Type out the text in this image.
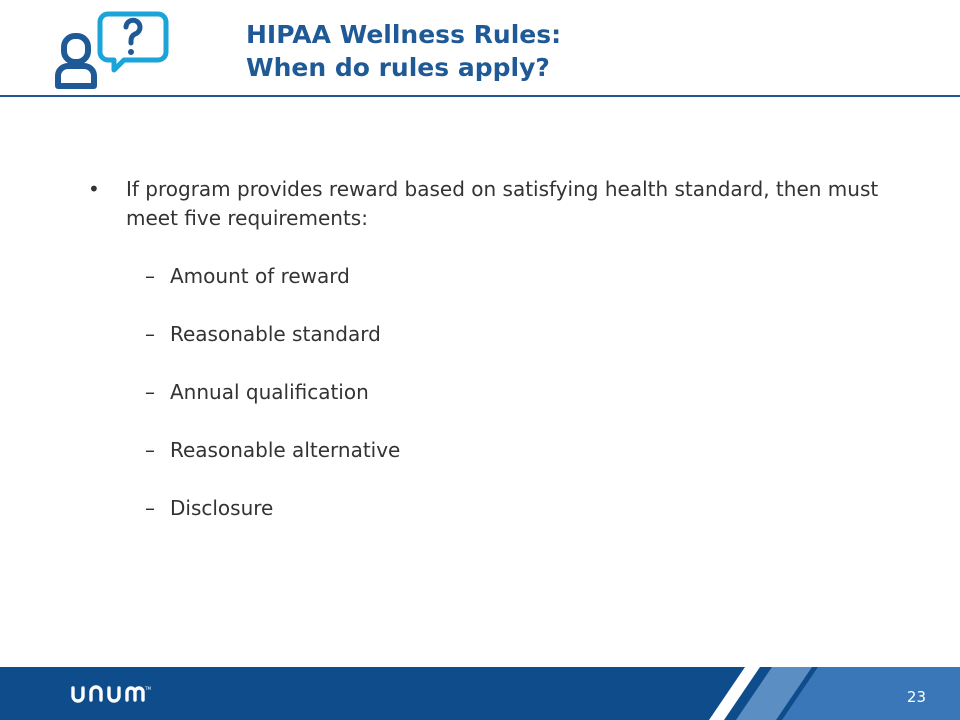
HIPAA Wellness Rules:
When do rules apply?
• If program provides reward based on satisfying health standard, then must meet five requirements:
– Amount of reward
– Reasonable standard
– Annual qualification
– Reasonable alternative
– Disclosure
TM	23
